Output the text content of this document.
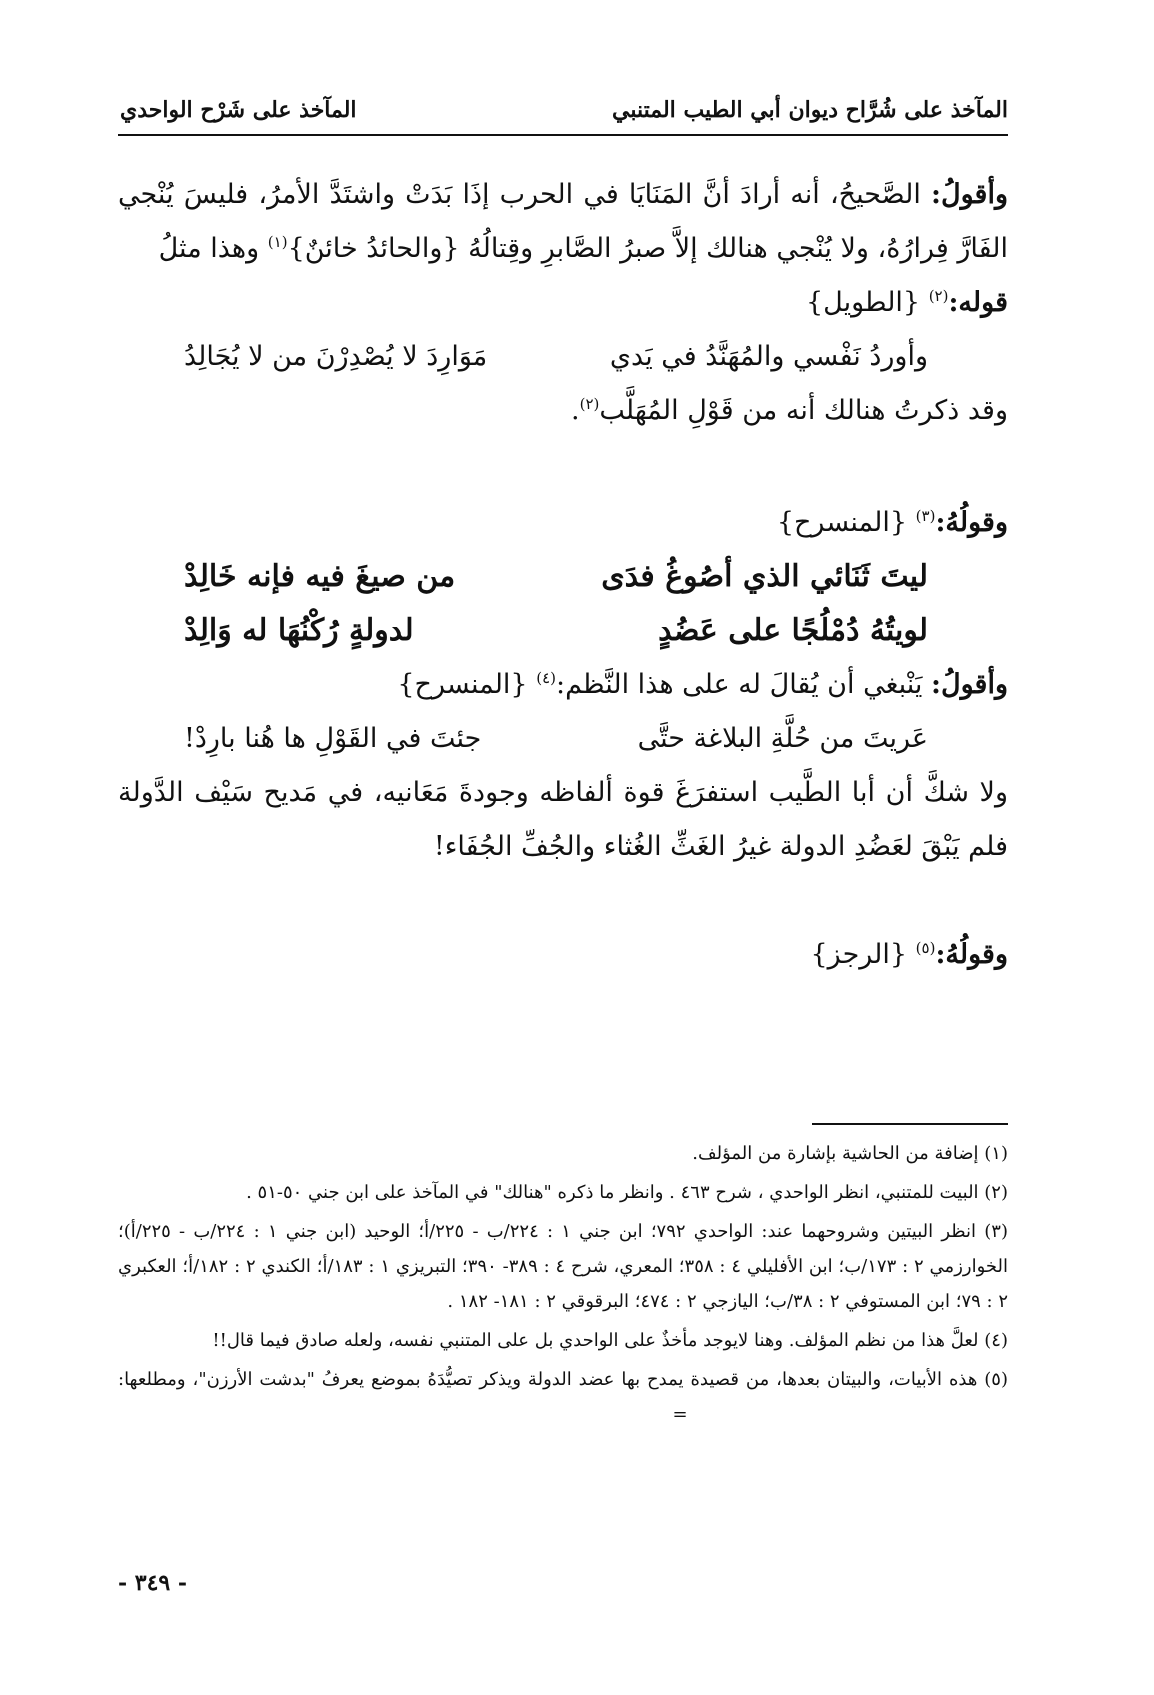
المآخذ على شُرَّاح ديوان أبي الطيب المتنبي
المآخذ على شَرْح الواحدي

وأقولُ: الصَّحيحُ، أنه أرادَ أنَّ المَنَايَا في الحرب إذَا بَدَتْ واشتَدَّ الأمرُ، فليسَ يُنْجي الفَارَّ فِرارُهُ، ولا يُنْجي هنالك إلاَّ صبرُ الصَّابرِ وقِتالُهُ {والحائدُ خائنٌ}$^{(١)}$ وهذا مثلُ

قوله:$^{(٢)}$ {الطويل}

وأوردُ نَفْسي والمُهَنَّدُ في يَدي
مَوَارِدَ لا يُصْدِرْنَ من لا يُجَالِدُ

وقد ذكرتُ هنالك أنه من قَوْلِ المُهَلَّب$^{(٢)}$.

وقولُهُ:$^{(٣)}$ {المنسرح}

ليتَ ثَنَائي الذي أصُوغُ فدَى
من صيغَ فيه فإنه خَالِدْ

لويتُهُ دُمْلُجًا على عَضُدٍ
لدولةٍ رُكْنُهَا له وَالِدْ

وأقولُ: يَنْبغي أن يُقالَ له على هذا النَّظم:$^{(٤)}$ {المنسرح}

عَريتَ من حُلَّةِ البلاغة حتَّى
جئتَ في القَوْلِ ها هُنا بارِدْ!

ولا شكَّ أن أبا الطَّيب استفرَغَ قوة ألفاظه وجودةَ مَعَانيه، في مَديح سَيْف الدَّولة فلم يَبْقَ لعَضُدِ الدولة غيرُ الغَثِّ الغُثاء والجُفِّ الجُفَاء!

وقولُهُ:$^{(٥)}$ {الرجز}

(١) إضافة من الحاشية بإشارة من المؤلف.

(٢) البيت للمتنبي، انظر الواحدي ، شرح ٤٦٣ . وانظر ما ذكره "هنالك" في المآخذ على ابن جني ٥٠-٥١ .

(٣) انظر البيتين وشروحهما عند: الواحدي ٧٩٢؛ ابن جني ١ : ٢٢٤/ب - ٢٢٥/أ؛ الوحيد (ابن جني ١ : ٢٢٤/ب - ٢٢٥/أ)؛ الخوارزمي ٢ : ١٧٣/ب؛ ابن الأفليلي ٤ : ٣٥٨؛ المعري، شرح ٤ : ٣٨٩- ٣٩٠؛ التبريزي ١ : ١٨٣/أ؛ الكندي ٢ : ١٨٢/أ؛ العكبري ٢ : ٧٩؛ ابن المستوفي ٢ : ٣٨/ب؛ اليازجي ٢ : ٤٧٤؛ البرقوقي ٢ : ١٨١- ١٨٢ .

(٤) لعلَّ هذا من نظم المؤلف. وهنا لايوجد مأخذٌ على الواحدي بل على المتنبي نفسه، ولعله صادق فيما قال!!

(٥) هذه الأبيات، والبيتان بعدها، من قصيدة يمدح بها عضد الدولة ويذكر تصيُّدَهُ بموضع يعرفُ "بدشت الأرزن"، ومطلعها:                                                         =

- ٣٤٩ -
